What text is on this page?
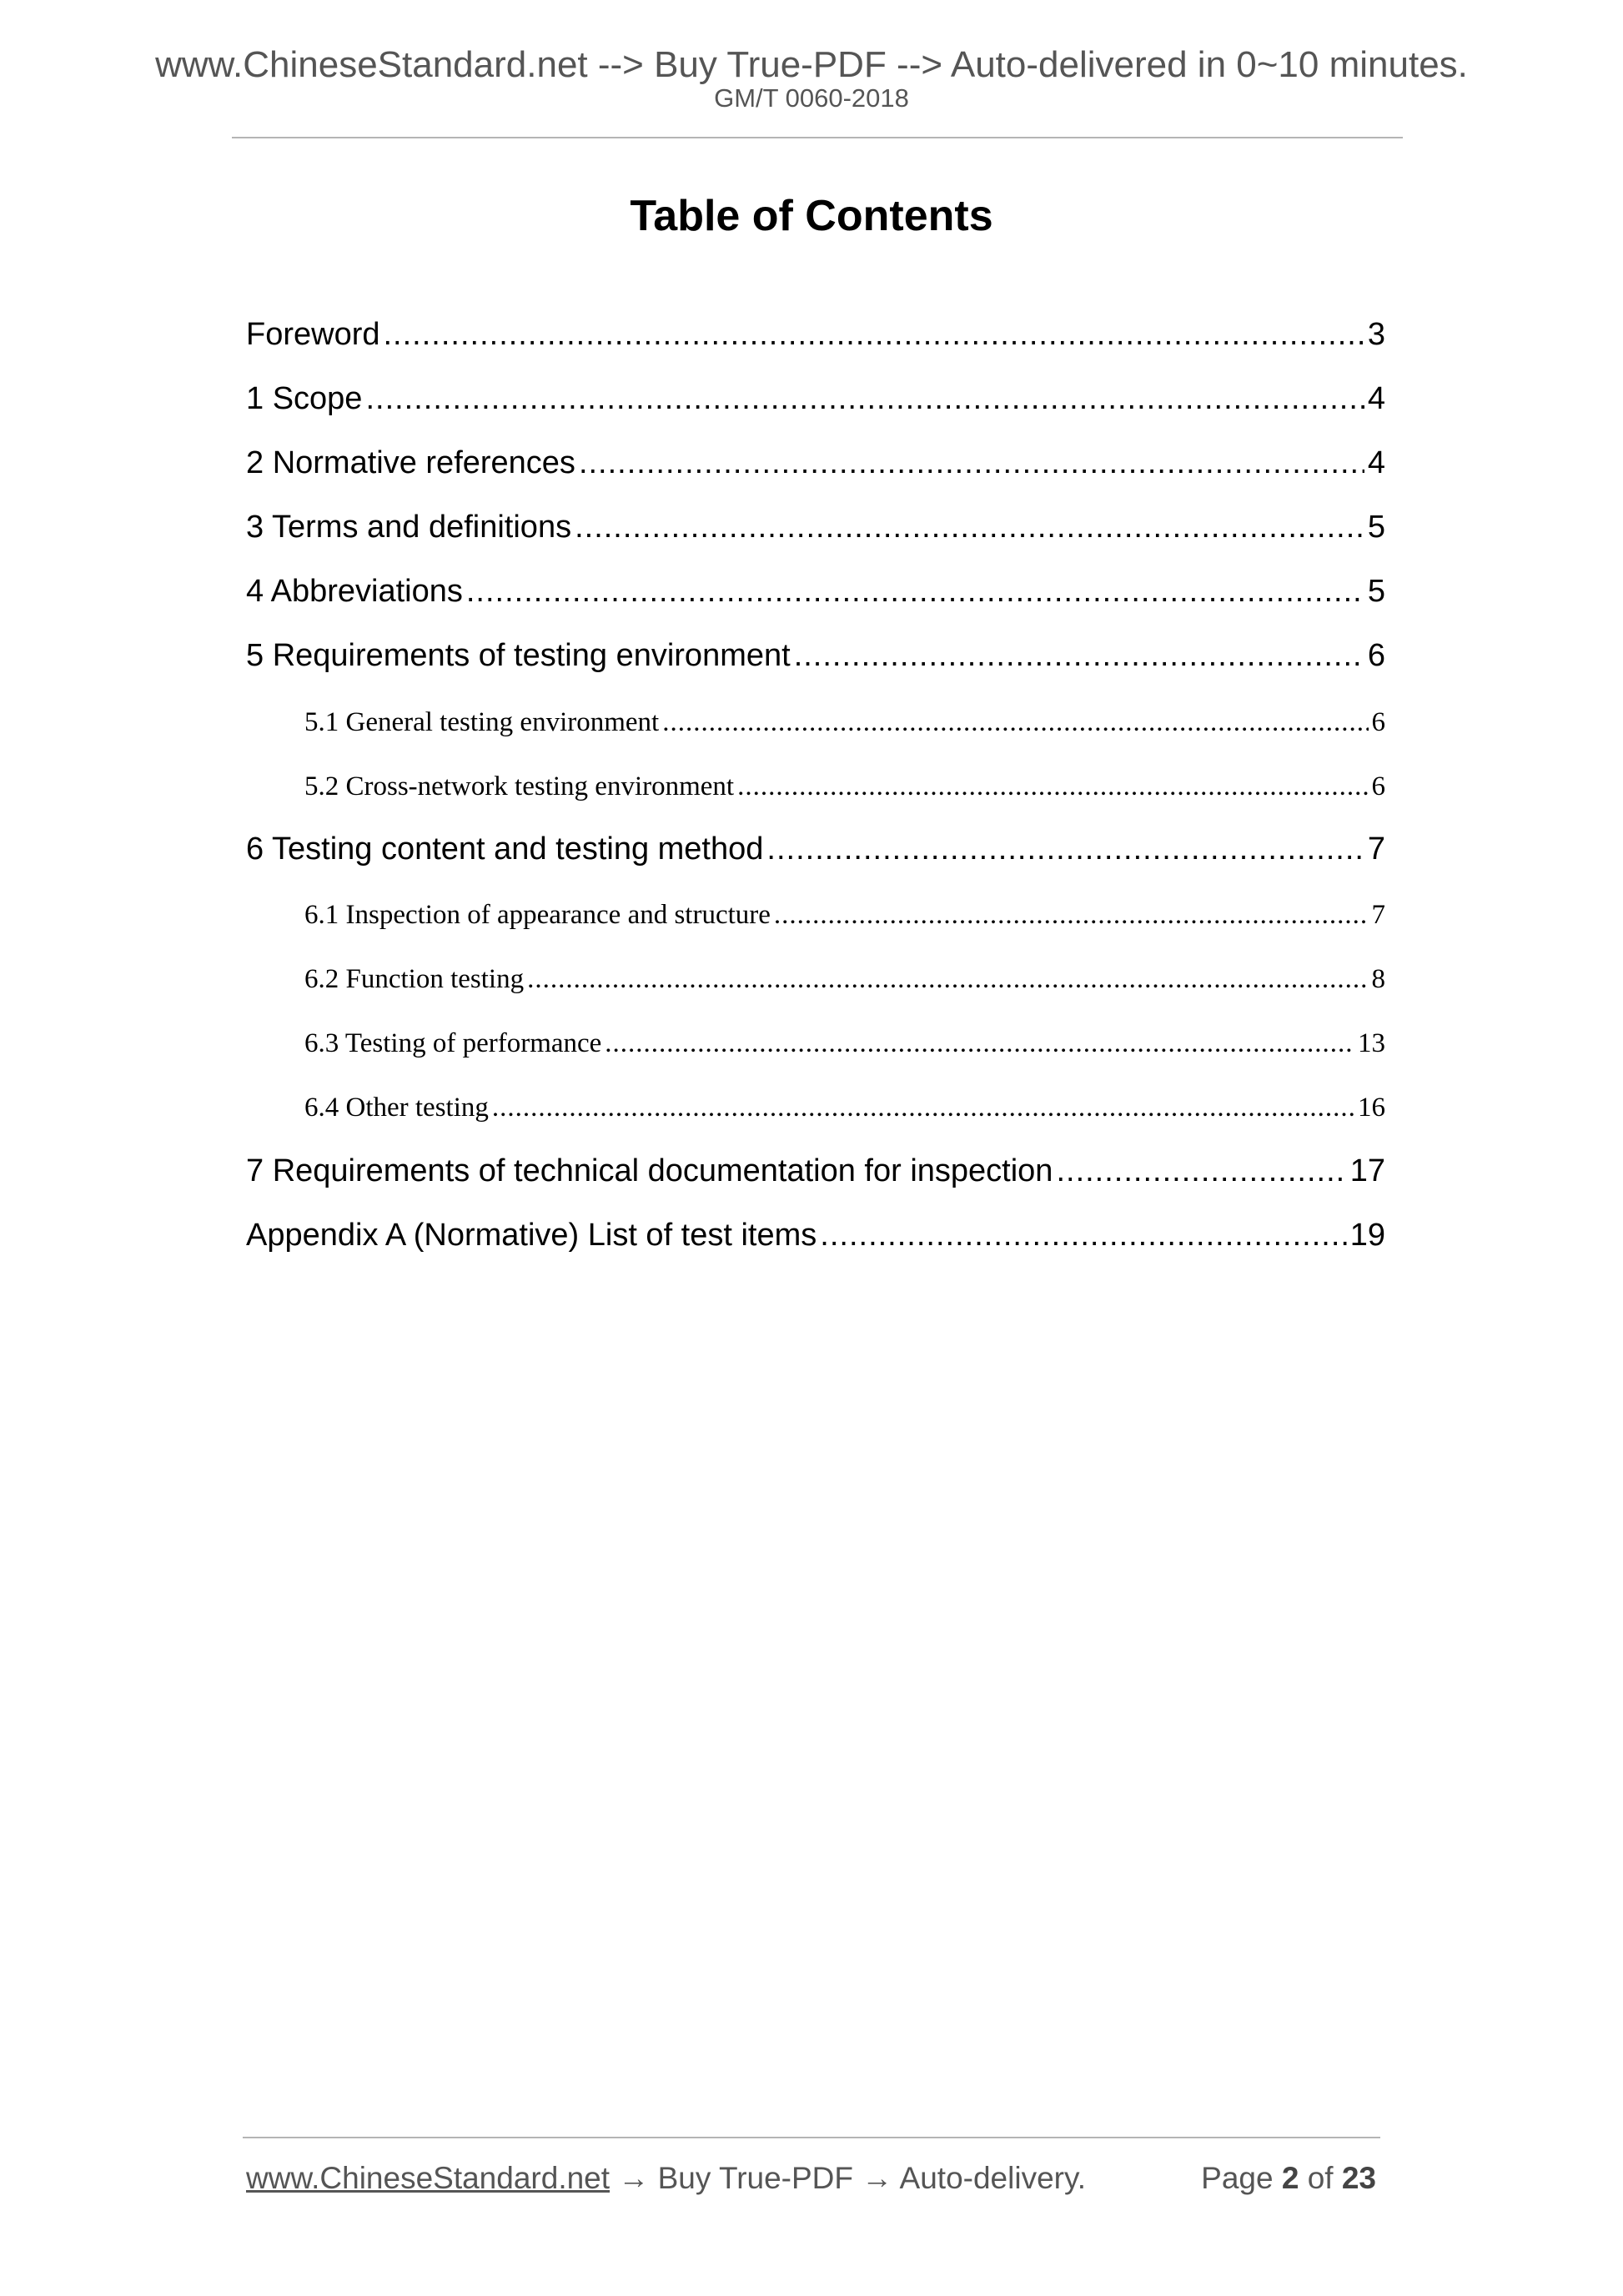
www.ChineseStandard.net --> Buy True-PDF --> Auto-delivered in 0~10 minutes.
GM/T 0060-2018
Table of Contents
Foreword .....	3
1 Scope .....	4
2 Normative references .....	4
3 Terms and definitions .....	5
4 Abbreviations .....	5
5 Requirements of testing environment .....	6
5.1 General testing environment .....	6
5.2 Cross-network testing environment .....	6
6 Testing content and testing method .....	7
6.1 Inspection of appearance and structure .....	7
6.2 Function testing .....	8
6.3 Testing of performance .....	13
6.4 Other testing .....	16
7 Requirements of technical documentation for inspection .....	17
Appendix A (Normative) List of test items .....	19
www.ChineseStandard.net → Buy True-PDF → Auto-delivery.	Page 2 of 23
